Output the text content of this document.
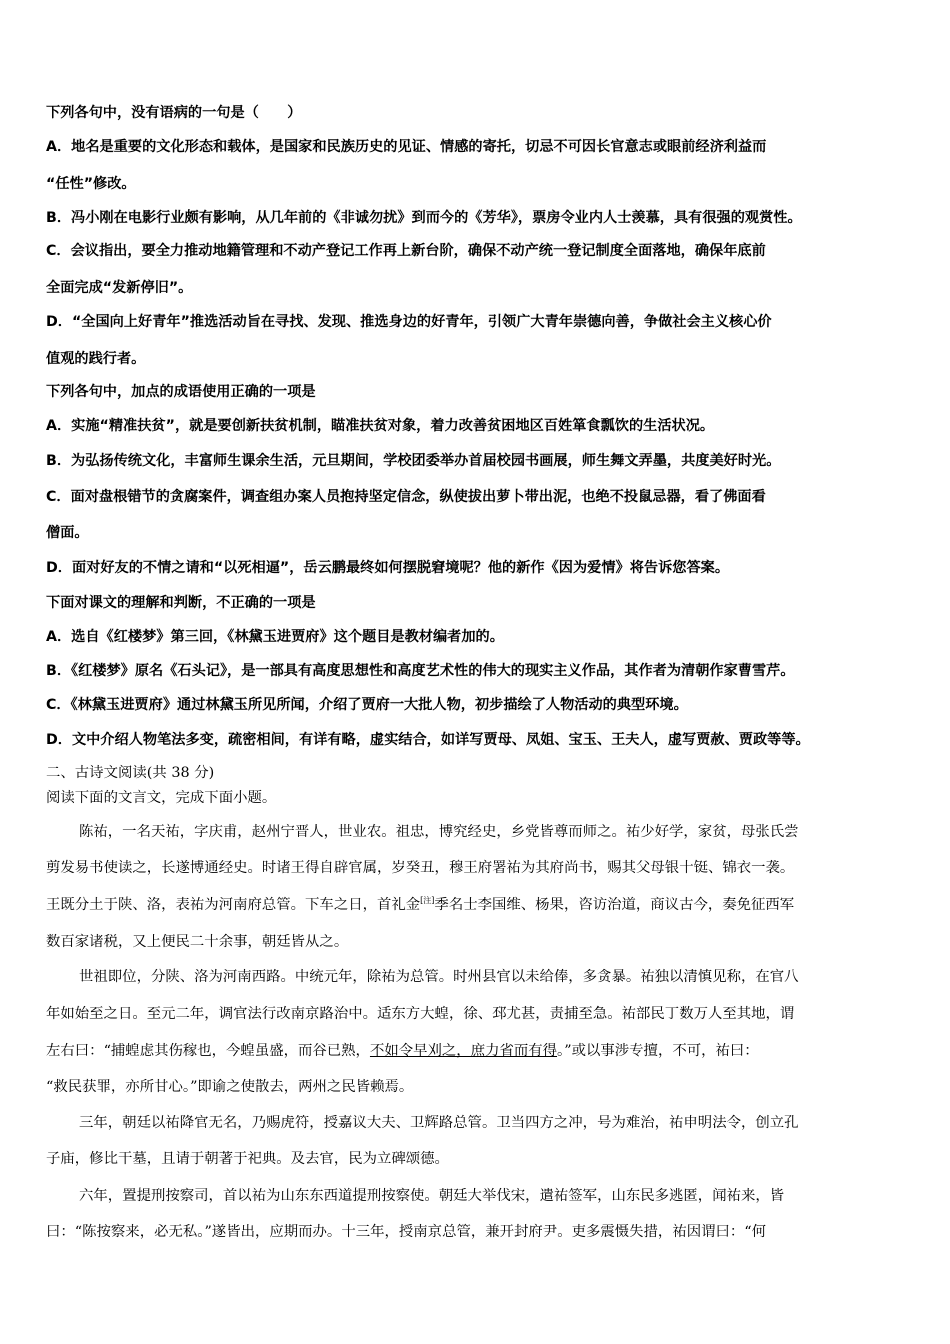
下列各句中，没有语病的一句是（　　）
A．地名是重要的文化形态和载体，是国家和民族历史的见证、情感的寄托，切忌不可因长官意志或眼前经济利益而
“任性”修改。
B．冯小刚在电影行业颇有影响，从几年前的《非诚勿扰》到而今的《芳华》，票房令业内人士羡慕，具有很强的观赏性。
C．会议指出，要全力推动地籍管理和不动产登记工作再上新台阶，确保不动产统一登记制度全面落地，确保年底前
全面完成“发新停旧”。
D．“全国向上好青年”推选活动旨在寻找、发现、推选身边的好青年，引领广大青年崇德向善，争做社会主义核心价
值观的践行者。
下列各句中，加点的成语使用正确的一项是
A．实施“精准扶贫”，就是要创新扶贫机制，瞄准扶贫对象，着力改善贫困地区百姓箪食瓢饮的生活状况。
B．为弘扬传统文化，丰富师生课余生活，元旦期间，学校团委举办首届校园书画展，师生舞文弄墨，共度美好时光。
C．面对盘根错节的贪腐案件，调查组办案人员抱持坚定信念，纵使拔出萝卜带出泥，也绝不投鼠忌器，看了佛面看
僧面。
D．面对好友的不情之请和“以死相逼”，岳云鹏最终如何摆脱窘境呢？他的新作《因为爱情》将告诉您答案。
下面对课文的理解和判断，不正确的一项是
A．选自《红楼梦》第三回，《林黛玉进贾府》这个题目是教材编者加的。
B．《红楼梦》原名《石头记》，是一部具有高度思想性和高度艺术性的伟大的现实主义作品，其作者为清朝作家曹雪芹。
C．《林黛玉进贾府》通过林黛玉所见所闻，介绍了贾府一大批人物，初步描绘了人物活动的典型环境。
D．文中介绍人物笔法多变，疏密相间，有详有略，虚实结合，如详写贾母、凤姐、宝玉、王夫人，虚写贾赦、贾政等等。
二、古诗文阅读(共 38 分)
阅读下面的文言文，完成下面小题。
陈祐，一名天祐，字庆甫，赵州宁晋人，世业农。祖忠，博究经史，乡党皆尊而师之。祐少好学，家贫，母张氏尝
剪发易书使读之，长遂博通经史。时诸王得自辟官属，岁癸丑，穆王府署祐为其府尚书，赐其父母银十铤、锦衣一袭。
王既分土于陕、洛，表祐为河南府总管。下车之日，首礼金[注]季名士李国维、杨果，咨访治道，商议古今，奏免征西军
数百家诸税，又上便民二十余事，朝廷皆从之。
世祖即位，分陕、洛为河南西路。中统元年，除祐为总管。时州县官以未给俸，多贪暴。祐独以清慎见称，在官八
年如始至之日。至元二年，调官法行改南京路治中。适东方大蝗，徐、邳尤甚，责捕至急。祐部民丁数万人至其地，谓
左右曰：“捕蝗虑其伤稼也，今蝗虽盛，而谷已熟，不如令早刈之，庶力省而有得。”或以事涉专擅，不可，祐曰：
“救民获罪，亦所甘心。”即谕之使散去，两州之民皆赖焉。
三年，朝廷以祐降官无名，乃赐虎符，授嘉议大夫、卫辉路总管。卫当四方之冲，号为难治，祐申明法令，创立孔
子庙，修比干墓，且请于朝著于祀典。及去官，民为立碑颂德。
六年，置提刑按察司，首以祐为山东东西道提刑按察使。朝廷大举伐宋，遣祐签军，山东民多逃匿，闻祐来，皆
曰：“陈按察来，必无私。”遂皆出，应期而办。十三年，授南京总管，兼开封府尹。吏多震慑失措，祐因谓曰：“何
